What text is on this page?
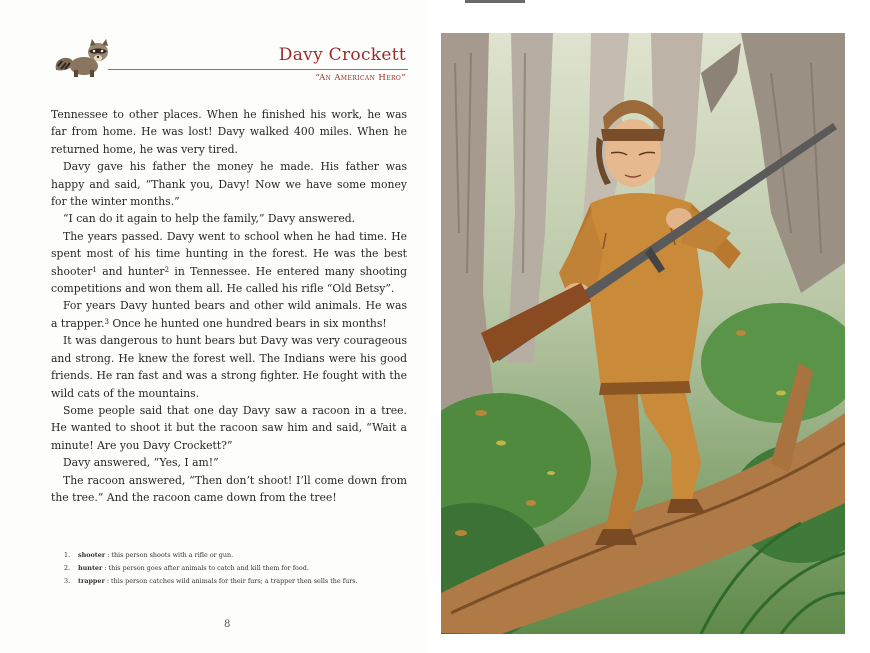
Davy Crockett
“An American Hero”

Tennessee to other places. When he finished his work, he was far from home. He was lost! Davy walked 400 miles. When he returned home, he was very tired.

Davy gave his father the money he made. His father was happy and said, “Thank you, Davy! Now we have some money for the winter months.”

“I can do it again to help the family,” Davy answered.

The years passed. Davy went to school when he had time. He spent most of his time hunting in the forest. He was the best shooter$^1$ and hunter$^2$ in Tennessee. He entered many shooting competitions and won them all. He called his rifle “Old Betsy”.

For years Davy hunted bears and other wild animals. He was a trapper.$^3$ Once he hunted one hundred bears in six months!

It was dangerous to hunt bears but Davy was very courageous and strong. He knew the forest well. The Indians were his good friends. He ran fast and was a strong fighter. He fought with the wild cats of the mountains.

Some people said that one day Davy saw a racoon in a tree. He wanted to shoot it but the racoon saw him and said, “Wait a minute! Are you Davy Crockett?”

Davy answered, “Yes, I am!”

The racoon answered, “Then don’t shoot! I’ll come down from the tree.” And the racoon came down from the tree!

1.	shooter : this person shoots with a rifle or gun.
2.	hunter : this person goes after animals to catch and kill them for food.
3.	trapper : this person catches wild animals for their furs; a trapper then sells the furs.
8
